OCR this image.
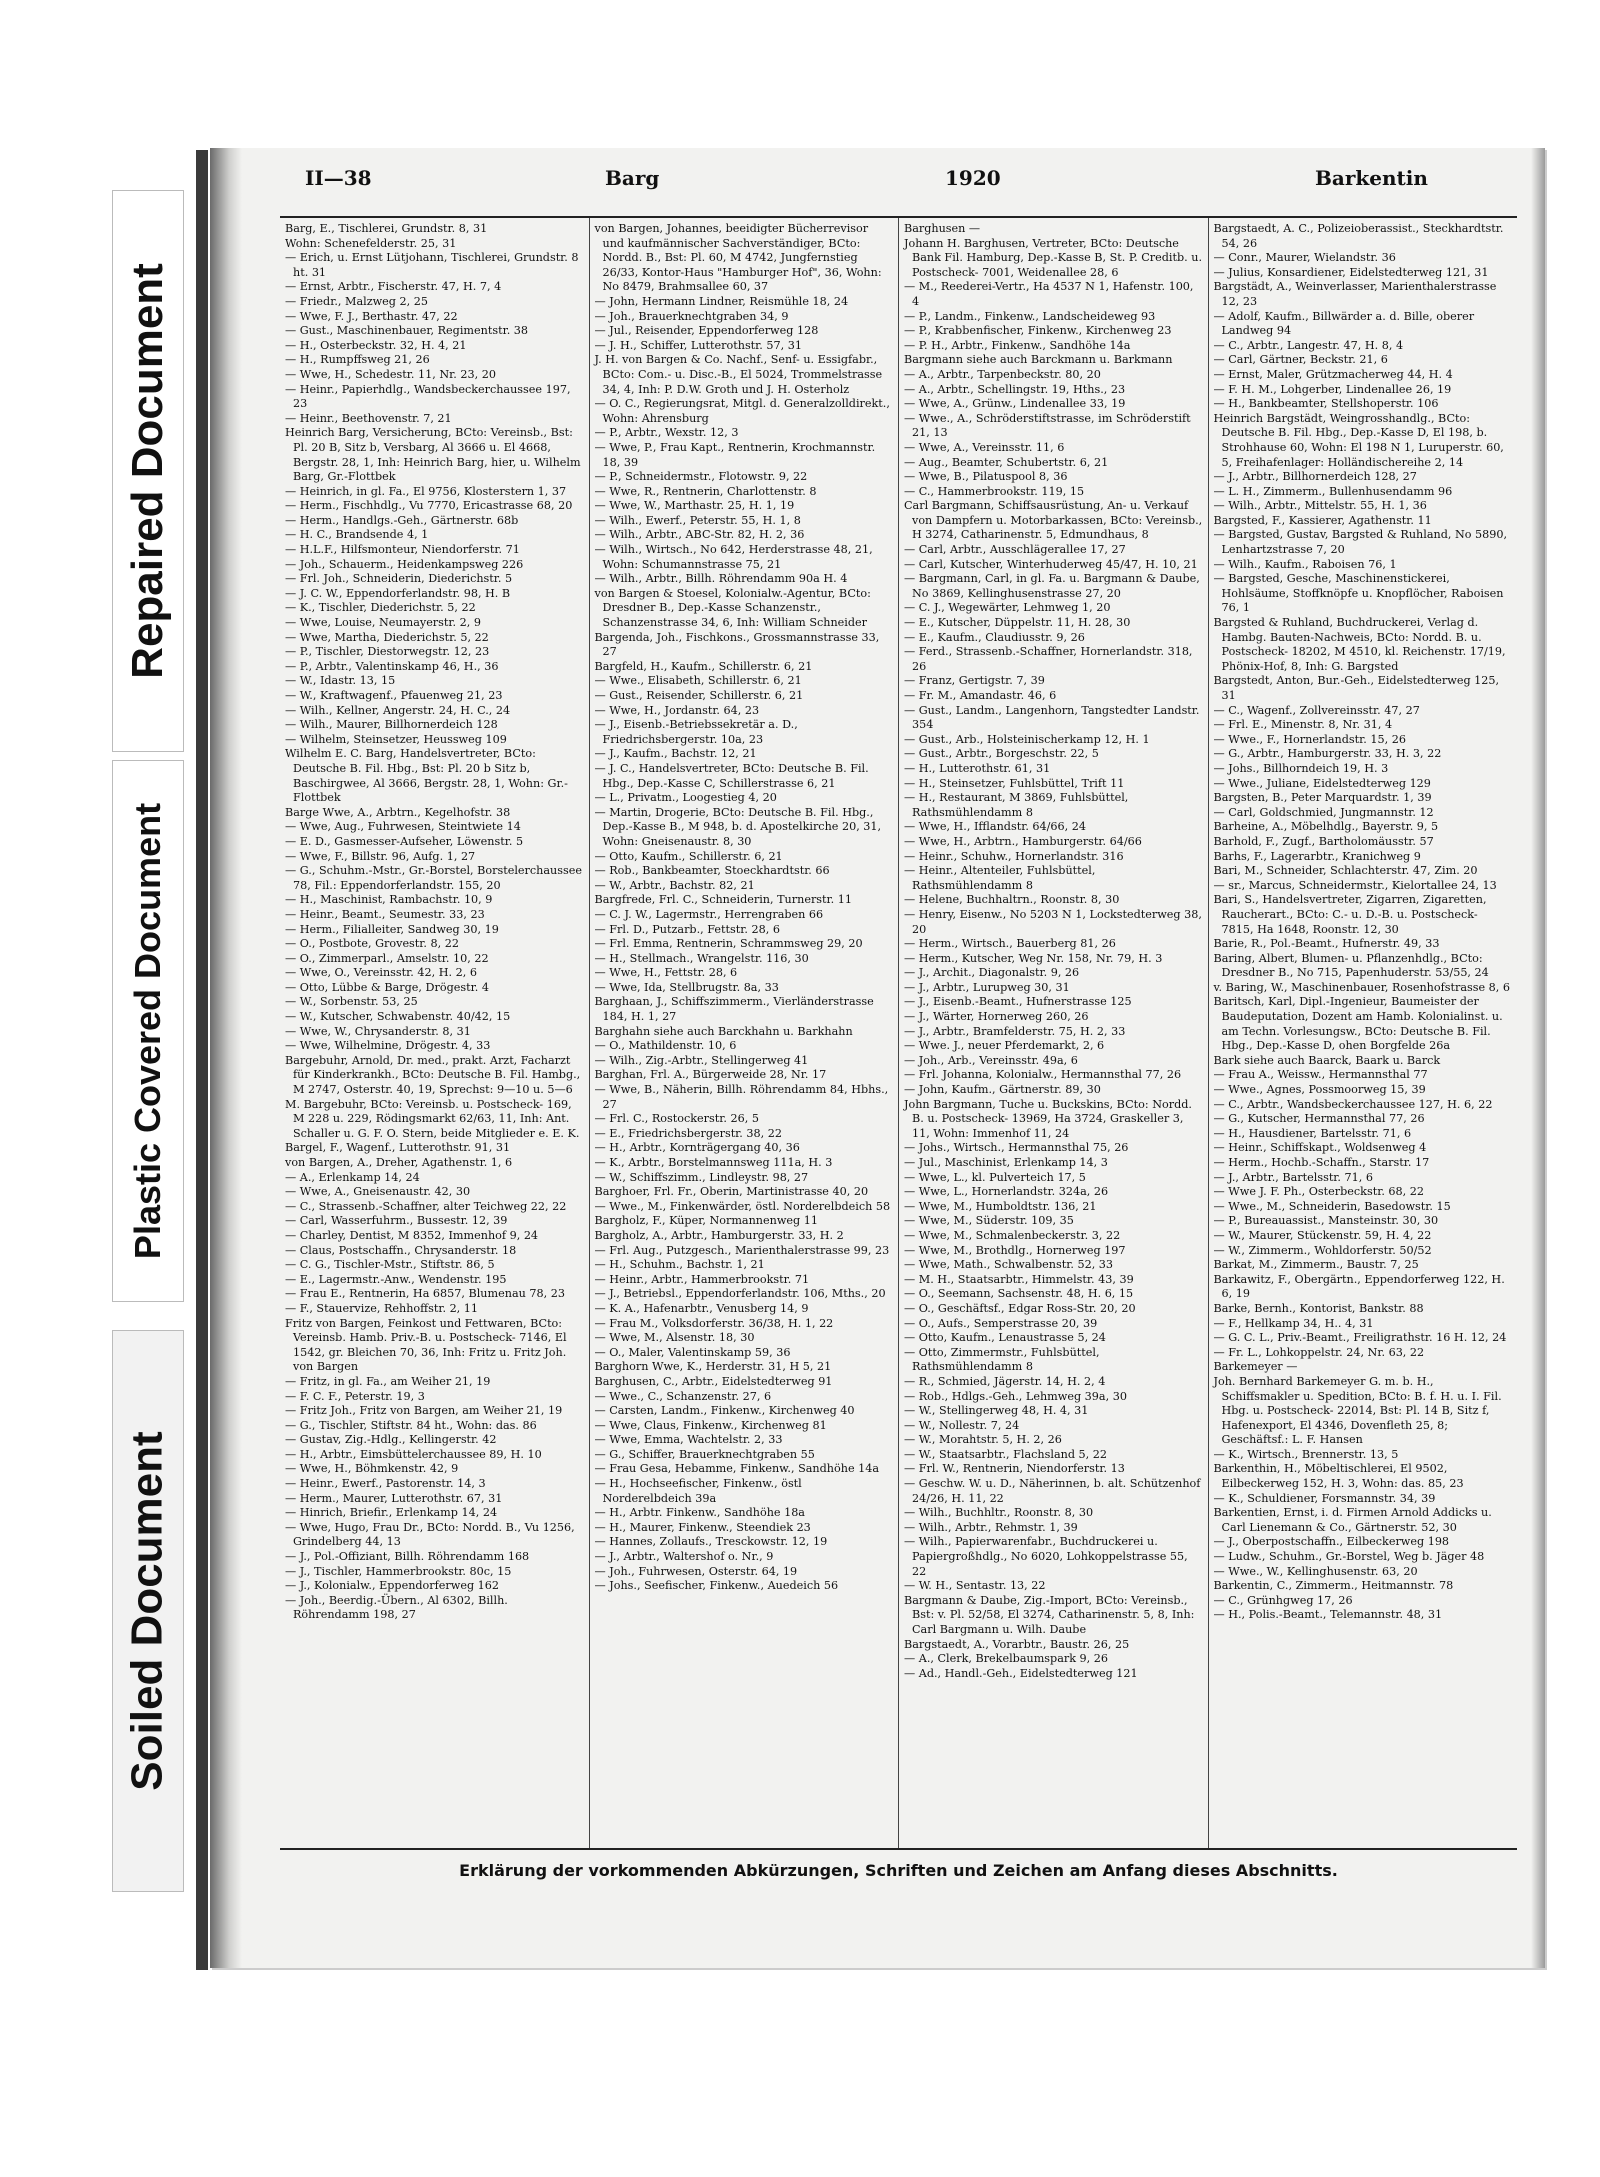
Repaired Document
Plastic Covered Document
Soiled Document
II—38	Barg	1920	Barkentin

Barg, E., Tischlerei, Grundstr. 8, 31

Wohn: Schenefelderstr. 25, 31

— Erich, u. Ernst Lütjohann, Tischlerei, Grundstr. 8 ht. 31

— Ernst, Arbtr., Fischerstr. 47, H. 7, 4

— Friedr., Malzweg 2, 25

— Wwe, F. J., Berthastr. 47, 22

— Gust., Maschinenbauer, Regimentstr. 38

— H., Osterbeckstr. 32, H. 4, 21

— H., Rumpffsweg 21, 26

— Wwe, H., Schedestr. 11, Nr. 23, 20

— Heinr., Papierhdlg., Wandsbeckerchaussee 197, 23

— Heinr., Beethovenstr. 7, 21

Heinrich Barg, Versicherung, BCto: Vereinsb., Bst: Pl. 20 B, Sitz b, Versbarg, Al 3666 u. El 4668, Bergstr. 28, 1, Inh: Heinrich Barg, hier, u. Wilhelm Barg, Gr.-Flottbek

— Heinrich, in gl. Fa., El 9756, Klosterstern 1, 37

— Herm., Fischhdlg., Vu 7770, Ericastrasse 68, 20

— Herm., Handlgs.-Geh., Gärtnerstr. 68b

— H. C., Brandsende 4, 1

— H.L.F., Hilfsmonteur, Niendorferstr. 71

— Joh., Schauerm., Heidenkampsweg 226

— Frl. Joh., Schneiderin, Diederichstr. 5

— J. C. W., Eppendorferlandstr. 98, H. B

— K., Tischler, Diederichstr. 5, 22

— Wwe, Louise, Neumayerstr. 2, 9

— Wwe, Martha, Diederichstr. 5, 22

— P., Tischler, Diestorwegstr. 12, 23

— P., Arbtr., Valentinskamp 46, H., 36

— W., Idastr. 13, 15

— W., Kraftwagenf., Pfauenweg 21, 23

— Wilh., Kellner, Angerstr. 24, H. C., 24

— Wilh., Maurer, Billhornerdeich 128

— Wilhelm, Steinsetzer, Heussweg 109

Wilhelm E. C. Barg, Handelsvertreter, BCto: Deutsche B. Fil. Hbg., Bst: Pl. 20 b Sitz b, Baschirgwee, Al 3666, Bergstr. 28, 1, Wohn: Gr.-Flottbek

Barge Wwe, A., Arbtrn., Kegelhofstr. 38

— Wwe, Aug., Fuhrwesen, Steintwiete 14

— E. D., Gasmesser-Aufseher, Löwenstr. 5

— Wwe, F., Billstr. 96, Aufg. 1, 27

— G., Schuhm.-Mstr., Gr.-Borstel, Borstelerchaussee 78, Fil.: Eppendorferlandstr. 155, 20

— H., Maschinist, Rambachstr. 10, 9

— Heinr., Beamt., Seumestr. 33, 23

— Herm., Filialleiter, Sandweg 30, 19

— O., Postbote, Grovestr. 8, 22

— O., Zimmerparl., Amselstr. 10, 22

— Wwe, O., Vereinsstr. 42, H. 2, 6

— Otto, Lübbe & Barge, Drögestr. 4

— W., Sorbenstr. 53, 25

— W., Kutscher, Schwabenstr. 40/42, 15

— Wwe, W., Chrysanderstr. 8, 31

— Wwe, Wilhelmine, Drögestr. 4, 33

Bargebuhr, Arnold, Dr. med., prakt. Arzt, Facharzt für Kinderkrankh., BCto: Deutsche B. Fil. Hambg., M 2747, Osterstr. 40, 19, Sprechst: 9—10 u. 5—6

M. Bargebuhr, BCto: Vereinsb. u. Postscheck- 169, M 228 u. 229, Rödingsmarkt 62/63, 11, Inh: Ant. Schaller u. G. F. O. Stern, beide Mitglieder e. E. K.

Bargel, F., Wagenf., Lutterothstr. 91, 31

von Bargen, A., Dreher, Agathenstr. 1, 6

— A., Erlenkamp 14, 24

— Wwe, A., Gneisenaustr. 42, 30

— C., Strassenb.-Schaffner, alter Teichweg 22, 22

— Carl, Wasserfuhrm., Bussestr. 12, 39

— Charley, Dentist, M 8352, Immenhof 9, 24

— Claus, Postschaffn., Chrysanderstr. 18

— C. G., Tischler-Mstr., Stiftstr. 86, 5

— E., Lagermstr.-Anw., Wendenstr. 195

— Frau E., Rentnerin, Ha 6857, Blumenau 78, 23

— F., Stauervize, Rehhoffstr. 2, 11

Fritz von Bargen, Feinkost und Fettwaren, BCto: Vereinsb. Hamb. Priv.-B. u. Postscheck- 7146, El 1542, gr. Bleichen 70, 36, Inh: Fritz u. Fritz Joh. von Bargen

— Fritz, in gl. Fa., am Weiher 21, 19

— F. C. F., Peterstr. 19, 3

— Fritz Joh., Fritz von Bargen, am Weiher 21, 19

— G., Tischler, Stiftstr. 84 ht., Wohn: das. 86

— Gustav, Zig.-Hdlg., Kellingerstr. 42

— H., Arbtr., Eimsbüttelerchaussee 89, H. 10

— Wwe, H., Böhmkenstr. 42, 9

— Heinr., Ewerf., Pastorenstr. 14, 3

— Herm., Maurer, Lutterothstr. 67, 31

— Hinrich, Briefir., Erlenkamp 14, 24

— Wwe, Hugo, Frau Dr., BCto: Nordd. B., Vu 1256, Grindelberg 44, 13

— J., Pol.-Offiziant, Billh. Röhrendamm 168

— J., Tischler, Hammerbrookstr. 80c, 15

— J., Kolonialw., Eppendorferweg 162

— Joh., Beerdig.-Übern., Al 6302, Billh. Röhrendamm 198, 27

von Bargen, Johannes, beeidigter Bücherrevisor und kaufmännischer Sachverständiger, BCto: Nordd. B., Bst: Pl. 60, M 4742, Jungfernstieg 26/33, Kontor-Haus "Hamburger Hof", 36, Wohn: No 8479, Brahmsallee 60, 37

— John, Hermann Lindner, Reismühle 18, 24

— Joh., Brauerknechtgraben 34, 9

— Jul., Reisender, Eppendorferweg 128

— J. H., Schiffer, Lutterothstr. 57, 31

J. H. von Bargen & Co. Nachf., Senf- u. Essigfabr., BCto: Com.- u. Disc.-B., El 5024, Trommelstrasse 34, 4, Inh: P. D.W. Groth und J. H. Osterholz

— O. C., Regierungsrat, Mitgl. d. Generalzolldirekt., Wohn: Ahrensburg

— P., Arbtr., Wexstr. 12, 3

— Wwe, P., Frau Kapt., Rentnerin, Krochmannstr. 18, 39

— P., Schneidermstr., Flotowstr. 9, 22

— Wwe, R., Rentnerin, Charlottenstr. 8

— Wwe, W., Marthastr. 25, H. 1, 19

— Wilh., Ewerf., Peterstr. 55, H. 1, 8

— Wilh., Arbtr., ABC-Str. 82, H. 2, 36

— Wilh., Wirtsch., No 642, Herderstrasse 48, 21, Wohn: Schumannstrasse 75, 21

— Wilh., Arbtr., Billh. Röhrendamm 90a H. 4

von Bargen & Stoesel, Kolonialw.-Agentur, BCto: Dresdner B., Dep.-Kasse Schanzenstr., Schanzenstrasse 34, 6, Inh: William Schneider

Bargenda, Joh., Fischkons., Grossmannstrasse 33, 27

Bargfeld, H., Kaufm., Schillerstr. 6, 21

— Wwe., Elisabeth, Schillerstr. 6, 21

— Gust., Reisender, Schillerstr. 6, 21

— Wwe, H., Jordanstr. 64, 23

— J., Eisenb.-Betriebssekretär a. D., Friedrichsbergerstr. 10a, 23

— J., Kaufm., Bachstr. 12, 21

— J. C., Handelsvertreter, BCto: Deutsche B. Fil. Hbg., Dep.-Kasse C, Schillerstrasse 6, 21

— L., Privatm., Loogestieg 4, 20

— Martin, Drogerie, BCto: Deutsche B. Fil. Hbg., Dep.-Kasse B., M 948, b. d. Apostelkirche 20, 31, Wohn: Gneisenaustr. 8, 30

— Otto, Kaufm., Schillerstr. 6, 21

— Rob., Bankbeamter, Stoeckhardtstr. 66

— W., Arbtr., Bachstr. 82, 21

Bargfrede, Frl. C., Schneiderin, Turnerstr. 11

— C. J. W., Lagermstr., Herrengraben 66

— Frl. D., Putzarb., Fettstr. 28, 6

— Frl. Emma, Rentnerin, Schrammsweg 29, 20

— H., Stellmach., Wrangelstr. 116, 30

— Wwe, H., Fettstr. 28, 6

— Wwe, Ida, Stellbrugstr. 8a, 33

Barghaan, J., Schiffszimmerm., Vierländerstrasse 184, H. 1, 27

Barghahn siehe auch Barckhahn u. Barkhahn

— O., Mathildenstr. 10, 6

— Wilh., Zig.-Arbtr., Stellingerweg 41

Barghan, Frl. A., Bürgerweide 28, Nr. 17

— Wwe, B., Näherin, Billh. Röhrendamm 84, Hbhs., 27

— Frl. C., Rostockerstr. 26, 5

— E., Friedrichsbergerstr. 38, 22

— H., Arbtr., Kornträgergang 40, 36

— K., Arbtr., Borstelmannsweg 111a, H. 3

— W., Schiffszimm., Lindleystr. 98, 27

Barghoer, Frl. Fr., Oberin, Martinistrasse 40, 20

— Wwe., M., Finkenwärder, östl. Norderelbdeich 58

Bargholz, F., Küper, Normannenweg 11

Bargholz, A., Arbtr., Hamburgerstr. 33, H. 2

— Frl. Aug., Putzgesch., Marienthalerstrasse 99, 23

— H., Schuhm., Bachstr. 1, 21

— Heinr., Arbtr., Hammerbrookstr. 71

— J., Betriebsl., Eppendorferlandstr. 106, Mths., 20

— K. A., Hafenarbtr., Venusberg 14, 9

— Frau M., Volksdorferstr. 36/38, H. 1, 22

— Wwe, M., Alsenstr. 18, 30

— O., Maler, Valentinskamp 59, 36

Barghorn Wwe, K., Herderstr. 31, H 5, 21

Barghusen, C., Arbtr., Eidelstedterweg 91

— Wwe., C., Schanzenstr. 27, 6

— Carsten, Landm., Finkenw., Kirchenweg 40

— Wwe, Claus, Finkenw., Kirchenweg 81

— Wwe, Emma, Wachtelstr. 2, 33

— G., Schiffer, Brauerknechtgraben 55

— Frau Gesa, Hebamme, Finkenw., Sandhöhe 14a

— H., Hochseefischer, Finkenw., östl Norderelbdeich 39a

— H., Arbtr. Finkenw., Sandhöhe 18a

— H., Maurer, Finkenw., Steendiek 23

— Hannes, Zollaufs., Tresckowstr. 12, 19

— J., Arbtr., Waltershof o. Nr., 9

— Joh., Fuhrwesen, Osterstr. 64, 19

— Johs., Seefischer, Finkenw., Auedeich 56

Barghusen —

Johann H. Barghusen, Vertreter, BCto: Deutsche Bank Fil. Hamburg, Dep.-Kasse B, St. P. Creditb. u. Postscheck- 7001, Weidenallee 28, 6

— M., Reederei-Vertr., Ha 4537 N 1, Hafenstr. 100, 4

— P., Landm., Finkenw., Landscheideweg 93

— P., Krabbenfischer, Finkenw., Kirchenweg 23

— P. H., Arbtr., Finkenw., Sandhöhe 14a

Bargmann siehe auch Barckmann u. Barkmann

— A., Arbtr., Tarpenbeckstr. 80, 20

— A., Arbtr., Schellingstr. 19, Hths., 23

— Wwe, A., Grünw., Lindenallee 33, 19

— Wwe., A., Schröderstiftstrasse, im Schröderstift 21, 13

— Wwe, A., Vereinsstr. 11, 6

— Aug., Beamter, Schubertstr. 6, 21

— Wwe, B., Pilatuspool 8, 36

— C., Hammerbrookstr. 119, 15

Carl Bargmann, Schiffsausrüstung, An- u. Verkauf von Dampfern u. Motorbarkassen, BCto: Vereinsb., H 3274, Catharinenstr. 5, Edmundhaus, 8

— Carl, Arbtr., Ausschlägerallee 17, 27

— Carl, Kutscher, Winterhuderweg 45/47, H. 10, 21

— Bargmann, Carl, in gl. Fa. u. Bargmann & Daube, No 3869, Kellinghusenstrasse 27, 20

— C. J., Wegewärter, Lehmweg 1, 20

— E., Kutscher, Düppelstr. 11, H. 28, 30

— E., Kaufm., Claudiusstr. 9, 26

— Ferd., Strassenb.-Schaffner, Hornerlandstr. 318, 26

— Franz, Gertigstr. 7, 39

— Fr. M., Amandastr. 46, 6

— Gust., Landm., Langenhorn, Tangstedter Landstr. 354

— Gust., Arb., Holsteinischerkamp 12, H. 1

— Gust., Arbtr., Borgeschstr. 22, 5

— H., Lutterothstr. 61, 31

— H., Steinsetzer, Fuhlsbüttel, Trift 11

— H., Restaurant, M 3869, Fuhlsbüttel, Rathsmühlendamm 8

— Wwe, H., Ifflandstr. 64/66, 24

— Wwe, H., Arbtrn., Hamburgerstr. 64/66

— Heinr., Schuhw., Hornerlandstr. 316

— Heinr., Altenteiler, Fuhlsbüttel, Rathsmühlendamm 8

— Helene, Buchhaltrn., Roonstr. 8, 30

— Henry, Eisenw., No 5203 N 1, Lockstedterweg 38, 20

— Herm., Wirtsch., Bauerberg 81, 26

— Herm., Kutscher, Weg Nr. 158, Nr. 79, H. 3

— J., Archit., Diagonalstr. 9, 26

— J., Arbtr., Lurupweg 30, 31

— J., Eisenb.-Beamt., Hufnerstrasse 125

— J., Wärter, Hornerweg 260, 26

— J., Arbtr., Bramfelderstr. 75, H. 2, 33

— Wwe. J., neuer Pferdemarkt, 2, 6

— Joh., Arb., Vereinsstr. 49a, 6

— Frl. Johanna, Kolonialw., Hermannsthal 77, 26

— John, Kaufm., Gärtnerstr. 89, 30

John Bargmann, Tuche u. Buckskins, BCto: Nordd. B. u. Postscheck- 13969, Ha 3724, Graskeller 3, 11, Wohn: Immenhof 11, 24

— Johs., Wirtsch., Hermannsthal 75, 26

— Jul., Maschinist, Erlenkamp 14, 3

— Wwe, L., kl. Pulverteich 17, 5

— Wwe, L., Hornerlandstr. 324a, 26

— Wwe, M., Humboldtstr. 136, 21

— Wwe, M., Süderstr. 109, 35

— Wwe, M., Schmalenbeckerstr. 3, 22

— Wwe, M., Brothdlg., Hornerweg 197

— Wwe, Math., Schwalbenstr. 52, 33

— M. H., Staatsarbtr., Himmelstr. 43, 39

— O., Seemann, Sachsenstr. 48, H. 6, 15

— O., Geschäftsf., Edgar Ross-Str. 20, 20

— O., Aufs., Semperstrasse 20, 39

— Otto, Kaufm., Lenaustrasse 5, 24

— Otto, Zimmermstr., Fuhlsbüttel, Rathsmühlendamm 8

— R., Schmied, Jägerstr. 14, H. 2, 4

— Rob., Hdlgs.-Geh., Lehmweg 39a, 30

— W., Stellingerweg 48, H. 4, 31

— W., Nollestr. 7, 24

— W., Morahtstr. 5, H. 2, 26

— W., Staatsarbtr., Flachsland 5, 22

— Frl. W., Rentnerin, Niendorferstr. 13

— Geschw. W. u. D., Näherinnen, b. alt. Schützenhof 24/26, H. 11, 22

— Wilh., Buchhltr., Roonstr. 8, 30

— Wilh., Arbtr., Rehmstr. 1, 39

— Wilh., Papierwarenfabr., Buchdruckerei u. Papiergroßhdlg., No 6020, Lohkoppelstrasse 55, 22

— W. H., Sentastr. 13, 22

Bargmann & Daube, Zig.-Import, BCto: Vereinsb., Bst: v. Pl. 52/58, El 3274, Catharinenstr. 5, 8, Inh: Carl Bargmann u. Wilh. Daube

Bargstaedt, A., Vorarbtr., Baustr. 26, 25

— A., Clerk, Brekelbaumspark 9, 26

— Ad., Handl.-Geh., Eidelstedterweg 121

Bargstaedt, A. C., Polizeioberassist., Steckhardtstr. 54, 26

— Conr., Maurer, Wielandstr. 36

— Julius, Konsardiener, Eidelstedterweg 121, 31

Bargstädt, A., Weinverlasser, Marienthalerstrasse 12, 23

— Adolf, Kaufm., Billwärder a. d. Bille, oberer Landweg 94

— C., Arbtr., Langestr. 47, H. 8, 4

— Carl, Gärtner, Beckstr. 21, 6

— Ernst, Maler, Grützmacherweg 44, H. 4

— F. H. M., Lohgerber, Lindenallee 26, 19

— H., Bankbeamter, Stellshoperstr. 106

Heinrich Bargstädt, Weingrosshandlg., BCto: Deutsche B. Fil. Hbg., Dep.-Kasse D, El 198, b. Strohhause 60, Wohn: El 198 N 1, Luruperstr. 60, 5, Freihafenlager: Holländischereihe 2, 14

— J., Arbtr., Billhornerdeich 128, 27

— L. H., Zimmerm., Bullenhusendamm 96

— Wilh., Arbtr., Mittelstr. 55, H. 1, 36

Bargsted, F., Kassierer, Agathenstr. 11

— Bargsted, Gustav, Bargsted & Ruhland, No 5890, Lenhartzstrasse 7, 20

— Wilh., Kaufm., Raboisen 76, 1

— Bargsted, Gesche, Maschinenstickerei, Hohlsäume, Stoffknöpfe u. Knopflöcher, Raboisen 76, 1

Bargsted & Ruhland, Buchdruckerei, Verlag d. Hambg. Bauten-Nachweis, BCto: Nordd. B. u. Postscheck- 18202, M 4510, kl. Reichenstr. 17/19, Phönix-Hof, 8, Inh: G. Bargsted

Bargstedt, Anton, Bur.-Geh., Eidelstedterweg 125, 31

— C., Wagenf., Zollvereinsstr. 47, 27

— Frl. E., Minenstr. 8, Nr. 31, 4

— Wwe., F., Hornerlandstr. 15, 26

— G., Arbtr., Hamburgerstr. 33, H. 3, 22

— Johs., Billhorndeich 19, H. 3

— Wwe., Juliane, Eidelstedterweg 129

Bargsten, B., Peter Marquardstr. 1, 39

— Carl, Goldschmied, Jungmannstr. 12

Barheine, A., Möbelhdlg., Bayerstr. 9, 5

Barhold, F., Zugf., Bartholomäusstr. 57

Barhs, F., Lagerarbtr., Kranichweg 9

Bari, M., Schneider, Schlachterstr. 47, Zim. 20

— sr., Marcus, Schneidermstr., Kielortallee 24, 13

Bari, S., Handelsvertreter, Zigarren, Zigaretten, Raucherart., BCto: C.- u. D.-B. u. Postscheck- 7815, Ha 1648, Roonstr. 12, 30

Barie, R., Pol.-Beamt., Hufnerstr. 49, 33

Baring, Albert, Blumen- u. Pflanzenhdlg., BCto: Dresdner B., No 715, Papenhuderstr. 53/55, 24

v. Baring, W., Maschinenbauer, Rosenhofstrasse 8, 6

Baritsch, Karl, Dipl.-Ingenieur, Baumeister der Baudeputation, Dozent am Hamb. Kolonialinst. u. am Techn. Vorlesungsw., BCto: Deutsche B. Fil. Hbg., Dep.-Kasse D, ohen Borgfelde 26a

Bark siehe auch Baarck, Baark u. Barck

— Frau A., Weissw., Hermannsthal 77

— Wwe., Agnes, Possmoorweg 15, 39

— C., Arbtr., Wandsbeckerchaussee 127, H. 6, 22

— G., Kutscher, Hermannsthal 77, 26

— H., Hausdiener, Bartelsstr. 71, 6

— Heinr., Schiffskapt., Woldsenweg 4

— Herm., Hochb.-Schaffn., Starstr. 17

— J., Arbtr., Bartelsstr. 71, 6

— Wwe J. F. Ph., Osterbeckstr. 68, 22

— Wwe., M., Schneiderin, Basedowstr. 15

— P., Bureauassist., Mansteinstr. 30, 30

— W., Maurer, Stückenstr. 59, H. 4, 22

— W., Zimmerm., Wohldorferstr. 50/52

Barkat, M., Zimmerm., Baustr. 7, 25

Barkawitz, F., Obergärtn., Eppendorferweg 122, H. 6, 19

Barke, Bernh., Kontorist, Bankstr. 88

— F., Hellkamp 34, H.. 4, 31

— G. C. L., Priv.-Beamt., Freiligrathstr. 16 H. 12, 24

— Fr. L., Lohkoppelstr. 24, Nr. 63, 22

Barkemeyer —

Joh. Bernhard Barkemeyer G. m. b. H., Schiffsmakler u. Spedition, BCto: B. f. H. u. I. Fil. Hbg. u. Postscheck- 22014, Bst: Pl. 14 B, Sitz f, Hafenexport, El 4346, Dovenfleth 25, 8; Geschäftsf.: L. F. Hansen

— K., Wirtsch., Brennerstr. 13, 5

Barkenthin, H., Möbeltischlerei, El 9502, Eilbeckerweg 152, H. 3, Wohn: das. 85, 23

— K., Schuldiener, Forsmannstr. 34, 39

Barkentien, Ernst, i. d. Firmen Arnold Addicks u. Carl Lienemann & Co., Gärtnerstr. 52, 30

— J., Oberpostschaffn., Eilbeckerweg 198

— Ludw., Schuhm., Gr.-Borstel, Weg b. Jäger 48

— Wwe., W., Kellinghusenstr. 63, 20

Barkentin, C., Zimmerm., Heitmannstr. 78

— C., Grünhgweg 17, 26

— H., Polis.-Beamt., Telemannstr. 48, 31

Erklärung der vorkommenden Abkürzungen, Schriften und Zeichen am Anfang dieses Abschnitts.
